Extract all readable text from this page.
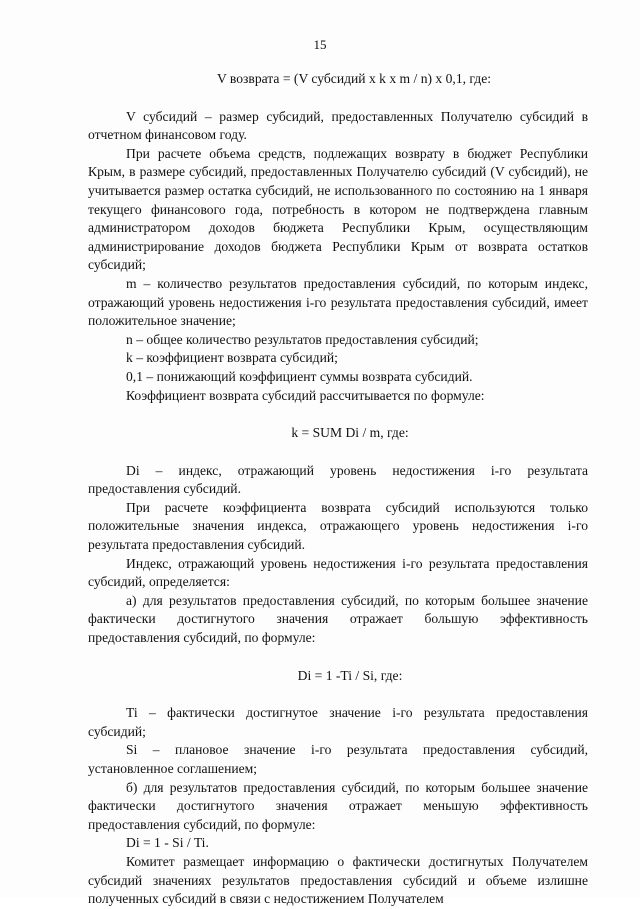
15
V возврата = (V субсидий x k x m / n) x 0,1, где:

V субсидий – размер субсидий, предоставленных Получателю субсидий в отчетном финансовом году.

При расчете объема средств, подлежащих возврату в бюджет Республики Крым, в размере субсидий, предоставленных Получателю субсидий (V субсидий), не учитывается размер остатка субсидий, не использованного по состоянию на 1 января текущего финансового года, потребность в котором не подтверждена главным администратором доходов бюджета Республики Крым, осуществляющим администрирование доходов бюджета Республики Крым от возврата остатков субсидий;

m – количество результатов предоставления субсидий, по которым индекс, отражающий уровень недостижения i-го результата предоставления субсидий, имеет положительное значение;

n – общее количество результатов предоставления субсидий;
k – коэффициент возврата субсидий;
0,1 – понижающий коэффициент суммы возврата субсидий.
Коэффициент возврата субсидий рассчитывается по формуле:
k = SUM Di / m, где:

Di – индекс, отражающий уровень недостижения i-го результата предоставления субсидий.

При расчете коэффициента возврата субсидий используются только положительные значения индекса, отражающего уровень недостижения i-го результата предоставления субсидий.

Индекс, отражающий уровень недостижения i-го результата предоставления субсидий, определяется:

а) для результатов предоставления субсидий, по которым большее значение фактически достигнутого значения отражает большую эффективность предоставления субсидий, по формуле:

Di = 1 -Ti / Si, где:

Ti – фактически достигнутое значение i-го результата предоставления субсидий;

Si – плановое значение i-го результата предоставления субсидий, установленное соглашением;

б) для результатов предоставления субсидий, по которым большее значение фактически достигнутого значения отражает меньшую эффективность предоставления субсидий, по формуле:

Di = 1 - Si / Ti.

Комитет размещает информацию о фактически достигнутых Получателем субсидий значениях результатов предоставления субсидий и объеме излишне полученных субсидий в связи с недостижением Получателем
